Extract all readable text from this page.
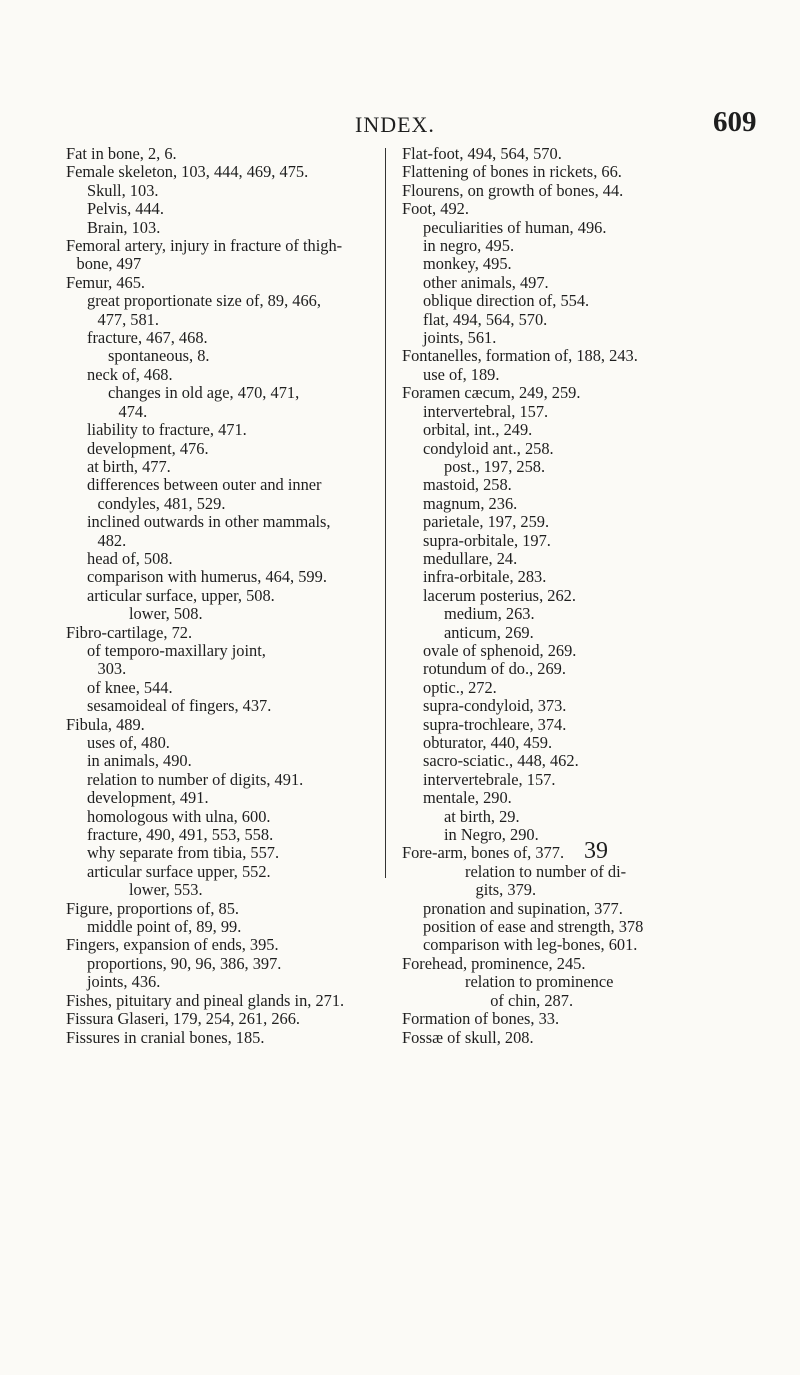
INDEX.	609
Fat in bone, 2, 6.
Female skeleton, 103, 444, 469, 475.
Skull, 103.
Pelvis, 444.
Brain, 103.
Femoral artery, injury in fracture of thigh-
bone, 497
Femur, 465.
great proportionate size of, 89, 466,
477, 581.
fracture, 467, 468.
spontaneous, 8.
neck of, 468.
changes in old age, 470, 471,
474.
liability to fracture, 471.
development, 476.
at birth, 477.
differences between outer and inner
condyles, 481, 529.
inclined outwards in other mammals,
482.
head of, 508.
comparison with humerus, 464, 599.
articular surface, upper, 508.
lower, 508.
Fibro-cartilage, 72.
of temporo-maxillary joint,
303.
of knee, 544.
sesamoideal of fingers, 437.
Fibula, 489.
uses of, 480.
in animals, 490.
relation to number of digits, 491.
development, 491.
homologous with ulna, 600.
fracture, 490, 491, 553, 558.
why separate from tibia, 557.
articular surface upper, 552.
lower, 553.
Figure, proportions of, 85.
middle point of, 89, 99.
Fingers, expansion of ends, 395.
proportions, 90, 96, 386, 397.
joints, 436.
Fishes, pituitary and pineal glands in, 271.
Fissura Glaseri, 179, 254, 261, 266.
Fissures in cranial bones, 185.
Flat-foot, 494, 564, 570.
Flattening of bones in rickets, 66.
Flourens, on growth of bones, 44.
Foot, 492.
peculiarities of human, 496.
in negro, 495.
monkey, 495.
other animals, 497.
oblique direction of, 554.
flat, 494, 564, 570.
joints, 561.
Fontanelles, formation of, 188, 243.
use of, 189.
Foramen cæcum, 249, 259.
intervertebral, 157.
orbital, int., 249.
condyloid ant., 258.
post., 197, 258.
mastoid, 258.
magnum, 236.
parietale, 197, 259.
supra-orbitale, 197.
medullare, 24.
infra-orbitale, 283.
lacerum posterius, 262.
medium, 263.
anticum, 269.
ovale of sphenoid, 269.
rotundum of do., 269.
optic., 272.
supra-condyloid, 373.
supra-trochleare, 374.
obturator, 440, 459.
sacro-sciatic., 448, 462.
intervertebrale, 157.
mentale, 290.
at birth, 29.
in Negro, 290.
Fore-arm, bones of, 377.
relation to number of di-
gits, 379.
pronation and supination, 377.
position of ease and strength, 378
comparison with leg-bones, 601.
Forehead, prominence, 245.
relation to prominence
of chin, 287.
Formation of bones, 33.
Fossæ of skull, 208.
39
